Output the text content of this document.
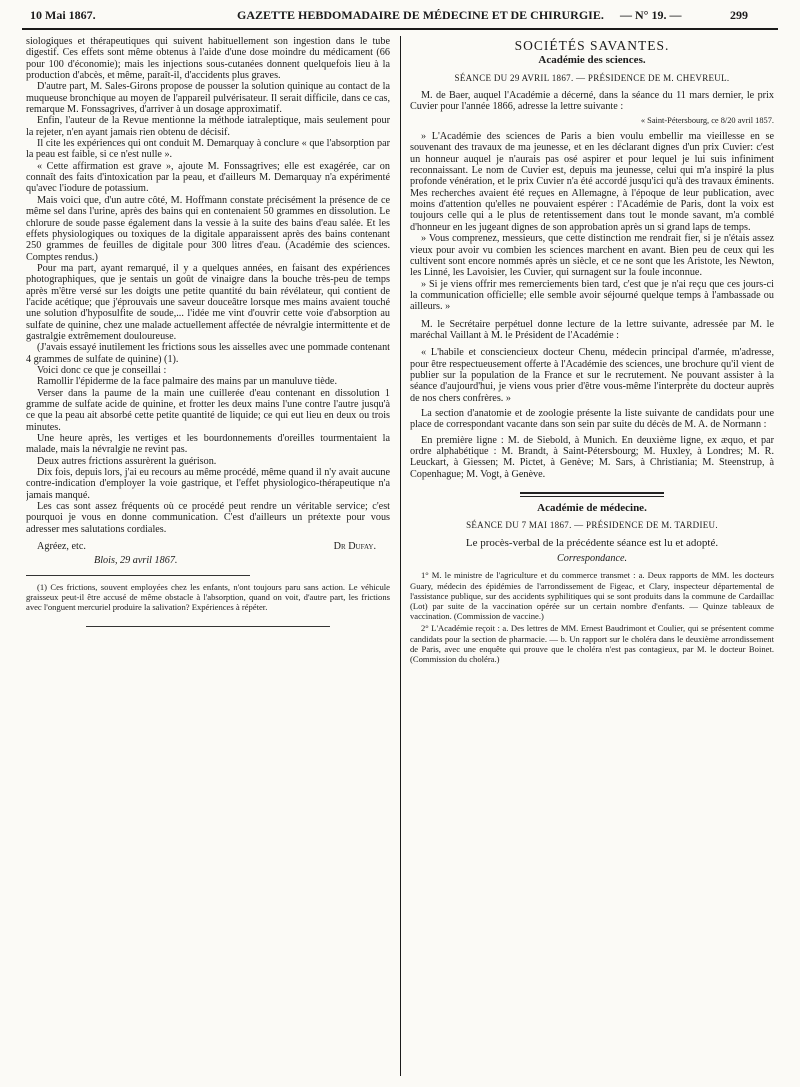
10 Mai 1867.	GAZETTE HEBDOMADAIRE DE MÉDECINE ET DE CHIRURGIE. — N° 19. —	299

siologiques et thérapeutiques qui suivent habituellement son ingestion dans le tube digestif. Ces effets sont même obtenus à l'aide d'une dose moindre du médicament (66 pour 100 d'économie); mais les injections sous-cutanées donnent quelquefois lieu à la production d'abcès, et même, paraît-il, d'accidents plus graves.

D'autre part, M. Sales-Girons propose de pousser la solution quinique au contact de la muqueuse bronchique au moyen de l'appareil pulvérisateur. Il serait difficile, dans ce cas, remarque M. Fonssagrives, d'arriver à un dosage approximatif.

Enfin, l'auteur de la Revue mentionne la méthode iatraleptique, mais seulement pour la rejeter, n'en ayant jamais rien obtenu de décisif.

Il cite les expériences qui ont conduit M. Demarquay à conclure « que l'absorption par la peau est faible, si ce n'est nulle ».

« Cette affirmation est grave », ajoute M. Fonssagrives; elle est exagérée, car on connaît des faits d'intoxication par la peau, et d'ailleurs M. Demarquay n'a expérimenté qu'avec l'iodure de potassium.

Mais voici que, d'un autre côté, M. Hoffmann constate précisément la présence de ce même sel dans l'urine, après des bains qui en contenaient 50 grammes en dissolution. Le chlorure de soude passe également dans la vessie à la suite des bains d'eau salée. Et les effets physiologiques ou toxiques de la digitale apparaissent après des bains contenant 250 grammes de feuilles de digitale pour 300 litres d'eau. (Académie des sciences. Comptes rendus.)

Pour ma part, ayant remarqué, il y a quelques années, en faisant des expériences photographiques, que je sentais un goût de vinaigre dans la bouche très-peu de temps après m'être versé sur les doigts une petite quantité du bain révélateur, qui contient de l'acide acétique; que j'éprouvais une saveur douceâtre lorsque mes mains avaient touché une solution d'hyposulfite de soude,... l'idée me vint d'ouvrir cette voie d'absorption au sulfate de quinine, chez une malade actuellement affectée de névralgie intermittente et de gastralgie extrêmement douloureuse.

(J'avais essayé inutilement les frictions sous les aisselles avec une pommade contenant 4 grammes de sulfate de quinine) (1).

Voici donc ce que je conseillai :

Ramollir l'épiderme de la face palmaire des mains par un manuluve tiède.

Verser dans la paume de la main une cuillerée d'eau contenant en dissolution 1 gramme de sulfate acide de quinine, et frotter les deux mains l'une contre l'autre jusqu'à ce que la peau ait absorbé cette petite quantité de liquide; ce qui eut lieu en deux ou trois minutes.

Une heure après, les vertiges et les bourdonnements d'oreilles tourmentaient la malade, mais la névralgie ne revint pas.

Deux autres frictions assurèrent la guérison.

Dix fois, depuis lors, j'ai eu recours au même procédé, même quand il n'y avait aucune contre-indication d'employer la voie gastrique, et l'effet physiologico-thérapeutique n'a jamais manqué.

Les cas sont assez fréquents où ce procédé peut rendre un véritable service; c'est pourquoi je vous en donne communication. C'est d'ailleurs un prétexte pour vous adresser mes salutations cordiales.

Agréez, etc.	Dr Dufay.

Blois, 29 avril 1867.

(1) Ces frictions, souvent employées chez les enfants, n'ont toujours paru sans action. Le véhicule graisseux peut-il être accusé de même obstacle à l'absorption, quand on voit, d'autre part, les frictions avec l'onguent mercuriel produire la salivation? Expériences à répéter.

SOCIÉTÉS SAVANTES.
Académie des sciences.
SÉANCE DU 29 AVRIL 1867. — PRÉSIDENCE DE M. CHEVREUL.

M. de Baer, auquel l'Académie a décerné, dans la séance du 11 mars dernier, le prix Cuvier pour l'année 1866, adresse la lettre suivante :

« Saint-Pétersbourg, ce 8/20 avril 1857.

» L'Académie des sciences de Paris a bien voulu embellir ma vieillesse en se souvenant des travaux de ma jeunesse, et en les déclarant dignes d'un prix Cuvier: c'est un honneur auquel je n'aurais pas osé aspirer et pour lequel je lui suis infiniment reconnaissant. Le nom de Cuvier est, depuis ma jeunesse, celui qui m'a inspiré la plus profonde vénération, et le prix Cuvier n'a été accordé jusqu'ici qu'à des travaux éminents. Mes recherches avaient été reçues en Allemagne, à l'époque de leur publication, avec moins d'attention qu'elles ne pouvaient espérer : l'Académie de Paris, dont la voix est toujours celle qui a le plus de retentissement dans tout le monde savant, m'a comblé d'honneur en les jugeant dignes de son approbation après un si grand laps de temps.

» Vous comprenez, messieurs, que cette distinction me rendrait fier, si je n'étais assez vieux pour avoir vu combien les sciences marchent en avant. Bien peu de ceux qui les cultivent sont encore nommés après un siècle, et ce ne sont que les Aristote, les Newton, les Linné, les Lavoisier, les Cuvier, qui surnagent sur la foule inconnue.

» Si je viens offrir mes remerciements bien tard, c'est que je n'ai reçu que ces jours-ci la communication officielle; elle semble avoir séjourné quelque temps à l'ambassade ou ailleurs. »

M. le Secrétaire perpétuel donne lecture de la lettre suivante, adressée par M. le maréchal Vaillant à M. le Président de l'Académie :

« L'habile et consciencieux docteur Chenu, médecin principal d'armée, m'adresse, pour être respectueusement offerte à l'Académie des sciences, une brochure qu'il vient de publier sur la population de la France et sur le recrutement. Ne pouvant assister à la séance d'aujourd'hui, je viens vous prier d'être vous-même l'interprète du docteur auprès de nos chers confrères. »

La section d'anatomie et de zoologie présente la liste suivante de candidats pour une place de correspondant vacante dans son sein par suite du décès de M. A. de Normann :

En première ligne : M. de Siebold, à Munich. En deuxième ligne, ex æquo, et par ordre alphabétique : M. Brandt, à Saint-Pétersbourg; M. Huxley, à Londres; M. R. Leuckart, à Giessen; M. Pictet, à Genève; M. Sars, à Christiania; M. Steenstrup, à Copenhague; M. Vogt, à Genève.

Académie de médecine.
SÉANCE DU 7 MAI 1867. — PRÉSIDENCE DE M. TARDIEU.
Le procès-verbal de la précédente séance est lu et adopté.
Correspondance.

1° M. le ministre de l'agriculture et du commerce transmet : a. Deux rapports de MM. les docteurs Guary, médecin des épidémies de l'arrondissement de Figeac, et Clary, inspecteur départemental de l'assistance publique, sur des accidents syphilitiques qui se sont produits dans la commune de Cardaillac (Lot) par suite de la vaccination opérée sur un certain nombre d'enfants. — Quinze tableaux de vaccination. (Commission de vaccine.)

2° L'Académie reçoit : a. Des lettres de MM. Ernest Baudrimont et Coulier, qui se présentent comme candidats pour la section de pharmacie. — b. Un rapport sur le choléra dans le deuxième arrondissement de Paris, avec une enquête qui prouve que le choléra n'est pas contagieux, par M. le docteur Boinet. (Commission du choléra.)
